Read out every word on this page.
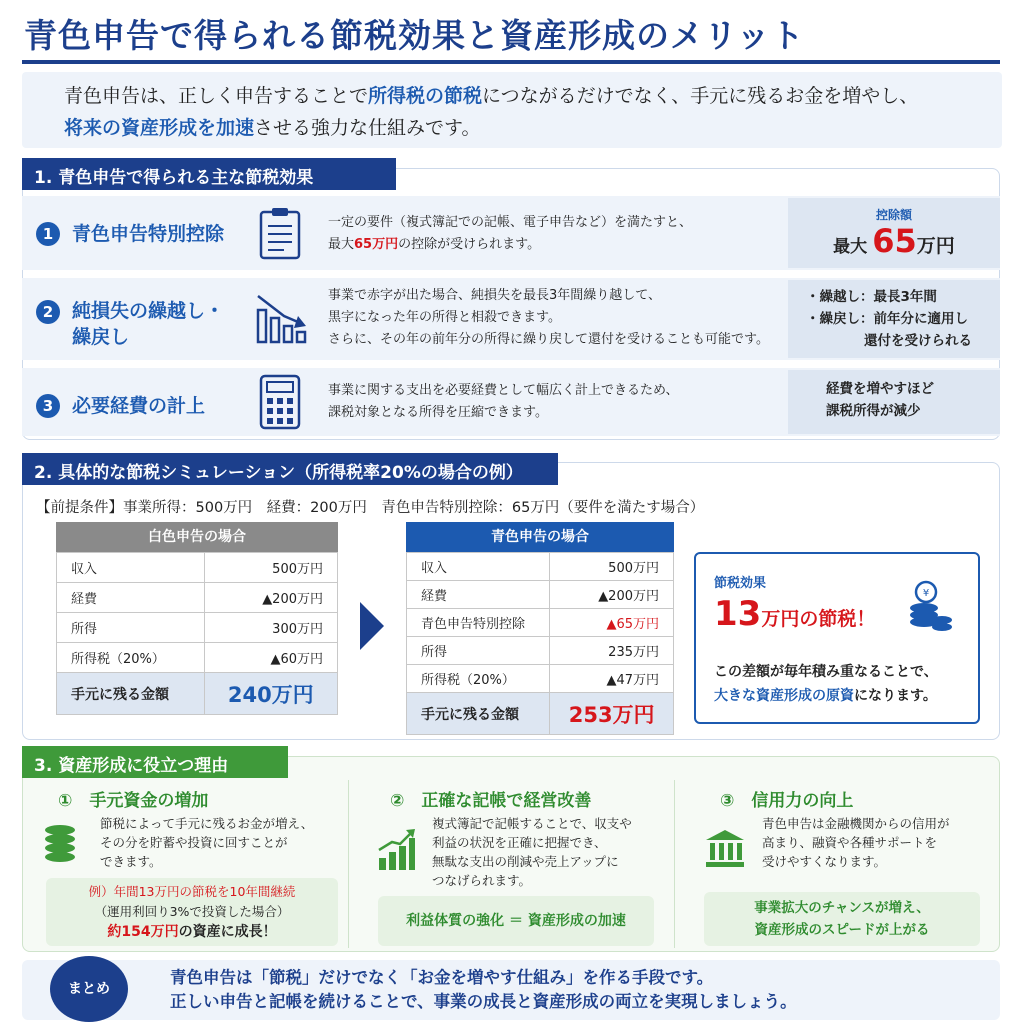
青色申告で得られる節税効果と資産形成のメリット
青色申告は、正しく申告することで所得税の節税につながるだけでなく、手元に残るお金を増やし、
将来の資産形成を加速させる強力な仕組みです。
1. 青色申告で得られる主な節税効果
1 青色申告特別控除
一定の要件（複式簿記での記帳、電子申告など）を満たすと、
最大65万円の控除が受けられます。
控除額
最大 65万円
2 純損失の繰越し・
繰戻し
事業で赤字が出た場合、純損失を最長3年間繰り越して、
黒字になった年の所得と相殺できます。
さらに、その年の前年分の所得に繰り戻して還付を受けることも可能です。
・繰越し：最長3年間
・繰戻し：前年分に適用し
還付を受けられる
3 必要経費の計上
事業に関する支出を必要経費として幅広く計上できるため、
課税対象となる所得を圧縮できます。
経費を増やすほど
課税所得が減少
2. 具体的な節税シミュレーション（所得税率20%の場合の例）
【前提条件】事業所得：500万円　経費：200万円　青色申告特別控除：65万円（要件を満たす場合）
白色申告の場合
収入	500万円
経費	▲200万円
所得	300万円
所得税（20%）	▲60万円
手元に残る金額	240万円
青色申告の場合
収入	500万円
経費	▲200万円
青色申告特別控除	▲65万円
所得	235万円
所得税（20%）	▲47万円
手元に残る金額	253万円
節税効果
13万円の節税！
¥
この差額が毎年積み重なることで、
大きな資産形成の原資になります。
3. 資産形成に役立つ理由
①　 手元資金の増加
節税によって手元に残るお金が増え、
その分を貯蓄や投資に回すことが
できます。
例）年間13万円の節税を10年間継続
（運用利回り3%で投資した場合）
約154万円の資産に成長！
②　 正確な記帳で経営改善
複式簿記で記帳することで、収支や
利益の状況を正確に把握でき、
無駄な支出の削減や売上アップに
つなげられます。
利益体質の強化 ＝ 資産形成の加速
③　 信用力の向上
青色申告は金融機関からの信用が
高まり、融資や各種サポートを
受けやすくなります。
事業拡大のチャンスが増え、
資産形成のスピードが上がる
まとめ
青色申告は「節税」だけでなく「お金を増やす仕組み」を作る手段です。
正しい申告と記帳を続けることで、事業の成長と資産形成の両立を実現しましょう。
